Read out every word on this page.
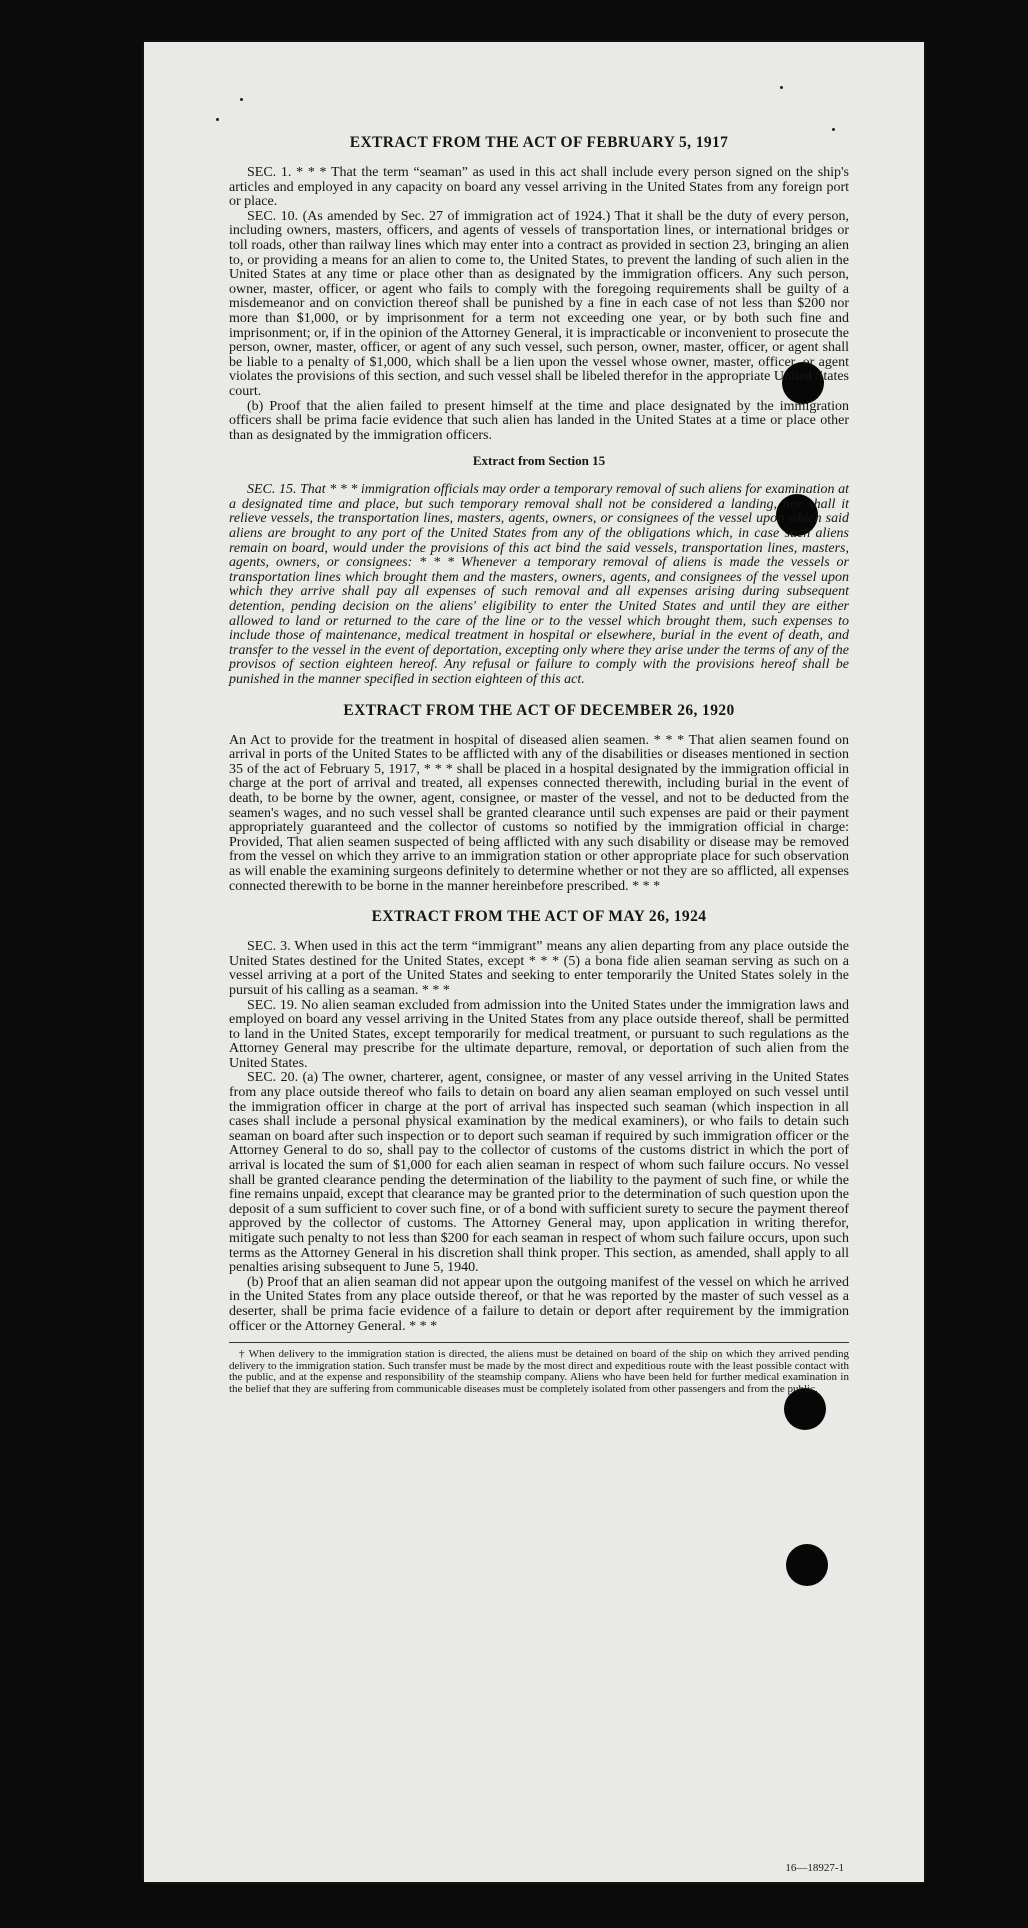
EXTRACT FROM THE ACT OF FEBRUARY 5, 1917

SEC. 1. * * * That the term “seaman” as used in this act shall include every person signed on the ship's articles and employed in any capacity on board any vessel arriving in the United States from any foreign port or place.

SEC. 10. (As amended by Sec. 27 of immigration act of 1924.) That it shall be the duty of every person, including owners, masters, officers, and agents of vessels of transportation lines, or international bridges or toll roads, other than railway lines which may enter into a contract as provided in section 23, bringing an alien to, or providing a means for an alien to come to, the United States, to prevent the landing of such alien in the United States at any time or place other than as designated by the immigration officers. Any such person, owner, master, officer, or agent who fails to comply with the foregoing requirements shall be guilty of a misdemeanor and on conviction thereof shall be punished by a fine in each case of not less than $200 nor more than $1,000, or by imprisonment for a term not exceeding one year, or by both such fine and imprisonment; or, if in the opinion of the Attorney General, it is impracticable or inconvenient to prosecute the person, owner, master, officer, or agent of any such vessel, such person, owner, master, officer, or agent shall be liable to a penalty of $1,000, which shall be a lien upon the vessel whose owner, master, officer, or agent violates the provisions of this section, and such vessel shall be libeled therefor in the appropriate United States court.

(b) Proof that the alien failed to present himself at the time and place designated by the immigration officers shall be prima facie evidence that such alien has landed in the United States at a time or place other than as designated by the immigration officers.

Extract from Section 15

SEC. 15. That * * * immigration officials may order a temporary removal of such aliens for examination at a designated time and place, but such temporary removal shall not be considered a landing, nor shall it relieve vessels, the transportation lines, masters, agents, owners, or consignees of the vessel upon which said aliens are brought to any port of the United States from any of the obligations which, in case such aliens remain on board, would under the provisions of this act bind the said vessels, transportation lines, masters, agents, owners, or consignees: * * * Whenever a temporary removal of aliens is made the vessels or transportation lines which brought them and the masters, owners, agents, and consignees of the vessel upon which they arrive shall pay all expenses of such removal and all expenses arising during subsequent detention, pending decision on the aliens' eligibility to enter the United States and until they are either allowed to land or returned to the care of the line or to the vessel which brought them, such expenses to include those of maintenance, medical treatment in hospital or elsewhere, burial in the event of death, and transfer to the vessel in the event of deportation, excepting only where they arise under the terms of any of the provisos of section eighteen hereof. Any refusal or failure to comply with the provisions hereof shall be punished in the manner specified in section eighteen of this act.

EXTRACT FROM THE ACT OF DECEMBER 26, 1920

An Act to provide for the treatment in hospital of diseased alien seamen. * * * That alien seamen found on arrival in ports of the United States to be afflicted with any of the disabilities or diseases mentioned in section 35 of the act of February 5, 1917, * * * shall be placed in a hospital designated by the immigration official in charge at the port of arrival and treated, all expenses connected therewith, including burial in the event of death, to be borne by the owner, agent, consignee, or master of the vessel, and not to be deducted from the seamen's wages, and no such vessel shall be granted clearance until such expenses are paid or their payment appropriately guaranteed and the collector of customs so notified by the immigration official in charge: Provided, That alien seamen suspected of being afflicted with any such disability or disease may be removed from the vessel on which they arrive to an immigration station or other appropriate place for such observation as will enable the examining surgeons definitely to determine whether or not they are so afflicted, all expenses connected therewith to be borne in the manner hereinbefore prescribed. * * *

EXTRACT FROM THE ACT OF MAY 26, 1924

SEC. 3. When used in this act the term “immigrant” means any alien departing from any place outside the United States destined for the United States, except * * * (5) a bona fide alien seaman serving as such on a vessel arriving at a port of the United States and seeking to enter temporarily the United States solely in the pursuit of his calling as a seaman. * * *

SEC. 19. No alien seaman excluded from admission into the United States under the immigration laws and employed on board any vessel arriving in the United States from any place outside thereof, shall be permitted to land in the United States, except temporarily for medical treatment, or pursuant to such regulations as the Attorney General may prescribe for the ultimate departure, removal, or deportation of such alien from the United States.

SEC. 20. (a) The owner, charterer, agent, consignee, or master of any vessel arriving in the United States from any place outside thereof who fails to detain on board any alien seaman employed on such vessel until the immigration officer in charge at the port of arrival has inspected such seaman (which inspection in all cases shall include a personal physical examination by the medical examiners), or who fails to detain such seaman on board after such inspection or to deport such seaman if required by such immigration officer or the Attorney General to do so, shall pay to the collector of customs of the customs district in which the port of arrival is located the sum of $1,000 for each alien seaman in respect of whom such failure occurs. No vessel shall be granted clearance pending the determination of the liability to the payment of such fine, or while the fine remains unpaid, except that clearance may be granted prior to the determination of such question upon the deposit of a sum sufficient to cover such fine, or of a bond with sufficient surety to secure the payment thereof approved by the collector of customs. The Attorney General may, upon application in writing therefor, mitigate such penalty to not less than $200 for each seaman in respect of whom such failure occurs, upon such terms as the Attorney General in his discretion shall think proper. This section, as amended, shall apply to all penalties arising subsequent to June 5, 1940.

(b) Proof that an alien seaman did not appear upon the outgoing manifest of the vessel on which he arrived in the United States from any place outside thereof, or that he was reported by the master of such vessel as a deserter, shall be prima facie evidence of a failure to detain or deport after requirement by the immigration officer or the Attorney General. * * *

† When delivery to the immigration station is directed, the aliens must be detained on board of the ship on which they arrived pending delivery to the immigration station. Such transfer must be made by the most direct and expeditious route with the least possible contact with the public, and at the expense and responsibility of the steamship company. Aliens who have been held for further medical examination in the belief that they are suffering from communicable diseases must be completely isolated from other passengers and from the public.

16—18927-1
